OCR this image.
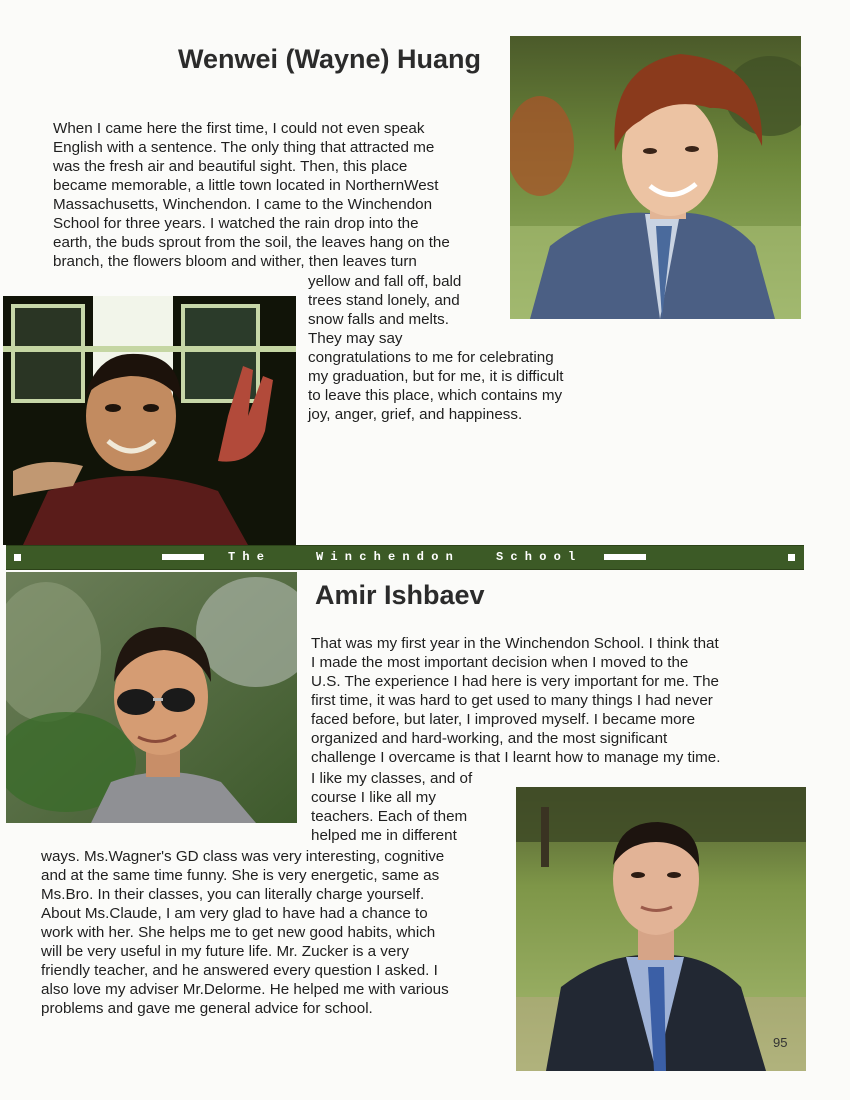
Wenwei (Wayne) Huang
When I came here the first time, I could not even speak
English with a sentence. The only thing that attracted me
was the fresh air and beautiful sight. Then, this place
became memorable, a little town located in NorthernWest
Massachusetts, Winchendon. I came to the Winchendon
School for three years. I watched the rain drop into the
earth, the buds sprout from the soil, the leaves hang on the
branch, the flowers bloom and wither, then leaves turn
yellow and fall off, bald
trees stand lonely, and
snow falls and melts.
They may say
congratulations to me for celebrating
my graduation, but for me, it is difficult
to leave this place, which contains my
joy, anger, grief, and happiness.
The	Winchendon	School
Amir Ishbaev
That was my first year in the Winchendon School. I think that
I made the most important decision when I moved to the
U.S. The experience I had here is very important for me. The
first time, it was hard to get used to many things I had never
faced before, but later, I improved myself. I became more
organized and hard-working, and the most significant
challenge I overcame is that I learnt how to manage my time.
I like my classes, and of
course I like all my
teachers. Each of them
helped me in different
ways. Ms.Wagner's GD class was very interesting, cognitive
and at the same time funny. She is very energetic, same as
Ms.Bro. In their classes, you can literally charge yourself.
About Ms.Claude, I am very glad to have had a chance to
work with her. She helps me to get new good habits, which
will be very useful in my future life. Mr. Zucker is a very
friendly teacher, and he answered every question I asked. I
also love my adviser Mr.Delorme. He helped me with various
problems and gave me general advice for school.
95
